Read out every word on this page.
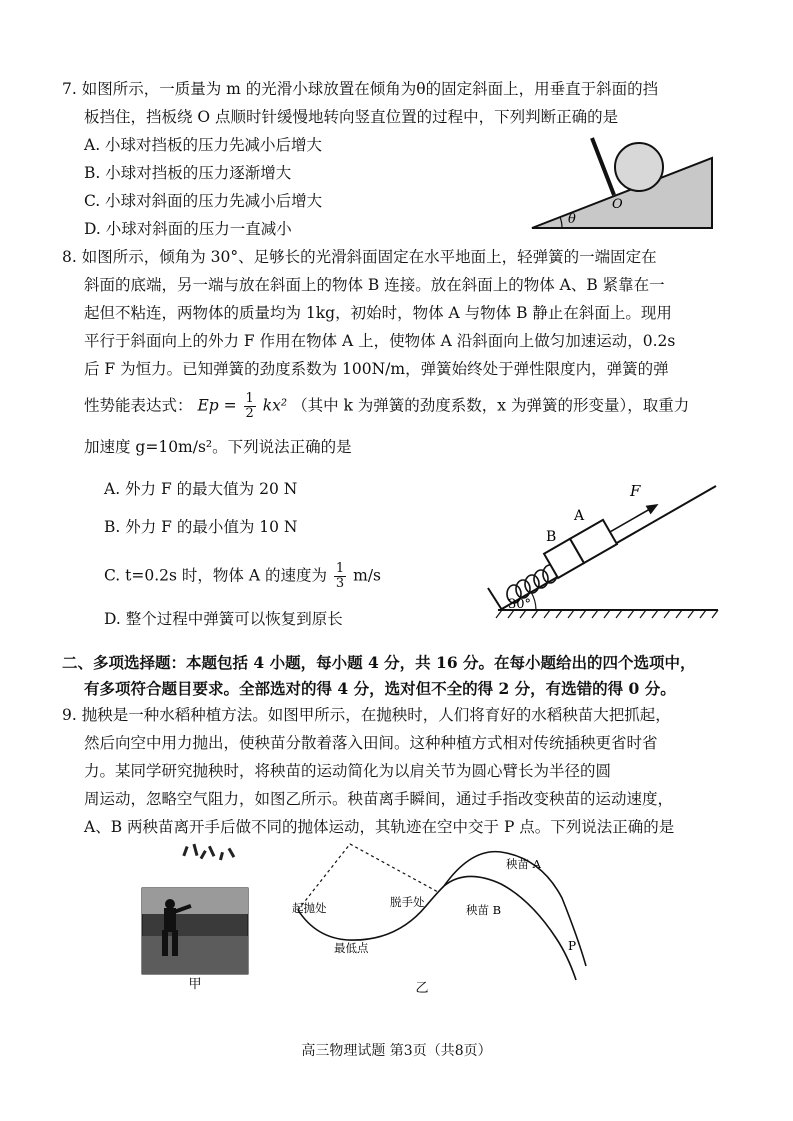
7. 如图所示，一质量为 m 的光滑小球放置在倾角为θ的固定斜面上，用垂直于斜面的挡
板挡住，挡板绕 O 点顺时针缓慢地转向竖直位置的过程中，下列判断正确的是
A. 小球对挡板的压力先减小后增大
B. 小球对挡板的压力逐渐增大
C. 小球对斜面的压力先减小后增大
D. 小球对斜面的压力一直减小
θ
O
8. 如图所示，倾角为 30°、足够长的光滑斜面固定在水平地面上，轻弹簧的一端固定在
斜面的底端，另一端与放在斜面上的物体 B 连接。放在斜面上的物体 A、B 紧靠在一
起但不粘连，两物体的质量均为 1kg，初始时，物体 A 与物体 B 静止在斜面上。现用
平行于斜面向上的外力 F 作用在物体 A 上，使物体 A 沿斜面向上做匀加速运动，0.2s
后 F 为恒力。已知弹簧的劲度系数为 100N/m，弹簧始终处于弹性限度内，弹簧的弹
性势能表达式： $Ep = \frac{1}{2} kx^2$ （其中 k 为弹簧的劲度系数，x 为弹簧的形变量），取重力
加速度 g=10m/s²。下列说法正确的是
A. 外力 F 的最大值为 20 N
B. 外力 F 的最小值为 10 N
C. t=0.2s 时，物体 A 的速度为 $\frac{1}{3} m/s$
D. 整个过程中弹簧可以恢复到原长
F
A
B
30°
二、多项选择题：本题包括 4 小题，每小题 4 分，共 16 分。在每小题给出的四个选项中，
有多项符合题目要求。全部选对的得 4 分，选对但不全的得 2 分，有选错的得 0 分。
9. 抛秧是一种水稻种植方法。如图甲所示，在抛秧时，人们将育好的水稻秧苗大把抓起，
然后向空中用力抛出，使秧苗分散着落入田间。这种种植方式相对传统插秧更省时省
力。某同学研究抛秧时，将秧苗的运动简化为以肩关节为圆心臂长为半径的圆
周运动，忽略空气阻力，如图乙所示。秧苗离手瞬间，通过手指改变秧苗的运动速度，
A、B 两秧苗离开手后做不同的抛体运动，其轨迹在空中交于 P 点。下列说法正确的是
甲
起抛处
最低点
脱手处
秧苗 A
秧苗 B
P
乙
高三物理试题 第3页（共8页）
